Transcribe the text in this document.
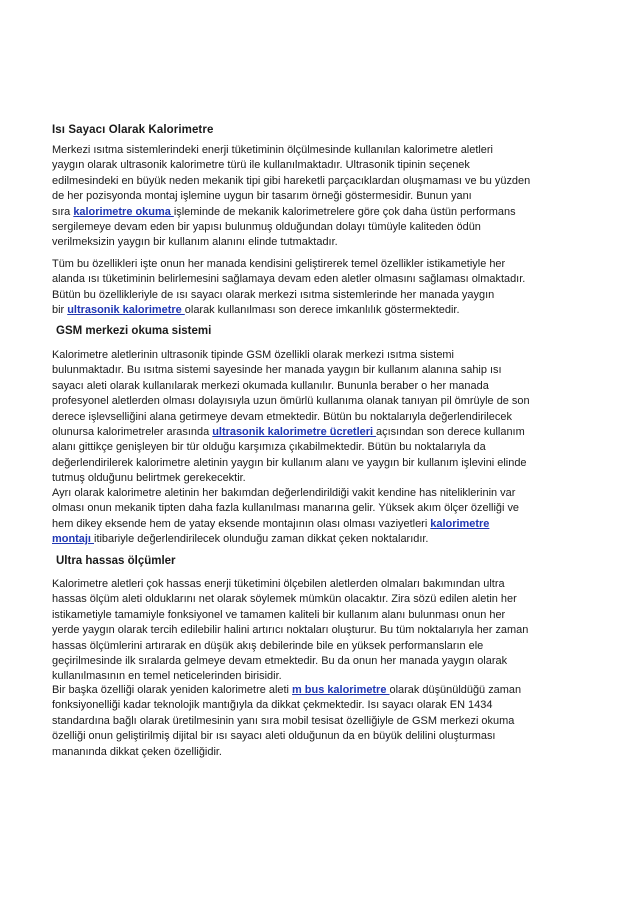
Isı Sayacı Olarak Kalorimetre
Merkezi ısıtma sistemlerindeki enerji tüketiminin ölçülmesinde kullanılan kalorimetre aletleri
yaygın olarak ultrasonik kalorimetre türü ile kullanılmaktadır. Ultrasonik tipinin seçenek
edilmesindeki en büyük neden mekanik tipi gibi hareketli parçacıklardan oluşmaması ve bu yüzden
de her pozisyonda montaj işlemine uygun bir tasarım örneği göstermesidir. Bunun yanı
sıra kalorimetre okuma işleminde de mekanik kalorimetrelere göre çok daha üstün performans
sergilemeye devam eden bir yapısı bulunmuş olduğundan dolayı tümüyle kaliteden ödün
verilmeksizin yaygın bir kullanım alanını elinde tutmaktadır.
Tüm bu özellikleri işte onun her manada kendisini geliştirerek temel özellikler istikametiyle her
alanda ısı tüketiminin belirlemesini sağlamaya devam eden aletler olmasını sağlaması olmaktadır.
Bütün bu özellikleriyle de ısı sayacı olarak merkezi ısıtma sistemlerinde her manada yaygın
bir ultrasonik kalorimetre olarak kullanılması son derece imkanlılık göstermektedir.
GSM merkezi okuma sistemi
Kalorimetre aletlerinin ultrasonik tipinde GSM özellikli olarak merkezi ısıtma sistemi
bulunmaktadır. Bu ısıtma sistemi sayesinde her manada yaygın bir kullanım alanına sahip ısı
sayacı aleti olarak kullanılarak merkezi okumada kullanılır. Bununla beraber o her manada
profesyonel aletlerden olması dolayısıyla uzun ömürlü kullanıma olanak tanıyan pil ömrüyle de son
derece işlevselliğini alana getirmeye devam etmektedir. Bütün bu noktalarıyla değerlendirilecek
olunursa kalorimetreler arasında ultrasonik kalorimetre ücretleri açısından son derece kullanım
alanı gittikçe genişleyen bir tür olduğu karşımıza çıkabilmektedir. Bütün bu noktalarıyla da
değerlendirilerek kalorimetre aletinin yaygın bir kullanım alanı ve yaygın bir kullanım işlevini elinde
tutmuş olduğunu belirtmek gerekecektir.
Ayrı olarak kalorimetre aletinin her bakımdan değerlendirildiği vakit kendine has niteliklerinin var
olması onun mekanik tipten daha fazla kullanılması manarına gelir. Yüksek akım ölçer özelliği ve
hem dikey eksende hem de yatay eksende montajının olası olması vaziyetleri kalorimetre
montajı itibariyle değerlendirilecek olunduğu zaman dikkat çeken noktalarıdır.
Ultra hassas ölçümler
Kalorimetre aletleri çok hassas enerji tüketimini ölçebilen aletlerden olmaları bakımından ultra
hassas ölçüm aleti olduklarını net olarak söylemek mümkün olacaktır. Zira sözü edilen aletin her
istikametiyle tamamiyle fonksiyonel ve tamamen kaliteli bir kullanım alanı bulunması onun her
yerde yaygın olarak tercih edilebilir halini artırıcı noktaları oluşturur. Bu tüm noktalarıyla her zaman
hassas ölçümlerini artırarak en düşük akış debilerinde bile en yüksek performansların ele
geçirilmesinde ilk sıralarda gelmeye devam etmektedir. Bu da onun her manada yaygın olarak
kullanılmasının en temel neticelerinden birisidir.
Bir başka özelliği olarak yeniden kalorimetre aleti m bus kalorimetre olarak düşünüldüğü zaman
fonksiyonelliği kadar teknolojik mantığıyla da dikkat çekmektedir. Isı sayacı olarak EN 1434
standardına bağlı olarak üretilmesinin yanı sıra mobil tesisat özelliğiyle de GSM merkezi okuma
özelliği onun geliştirilmiş dijital bir ısı sayacı aleti olduğunun da en büyük delilini oluşturması
mananında dikkat çeken özelliğidir.
